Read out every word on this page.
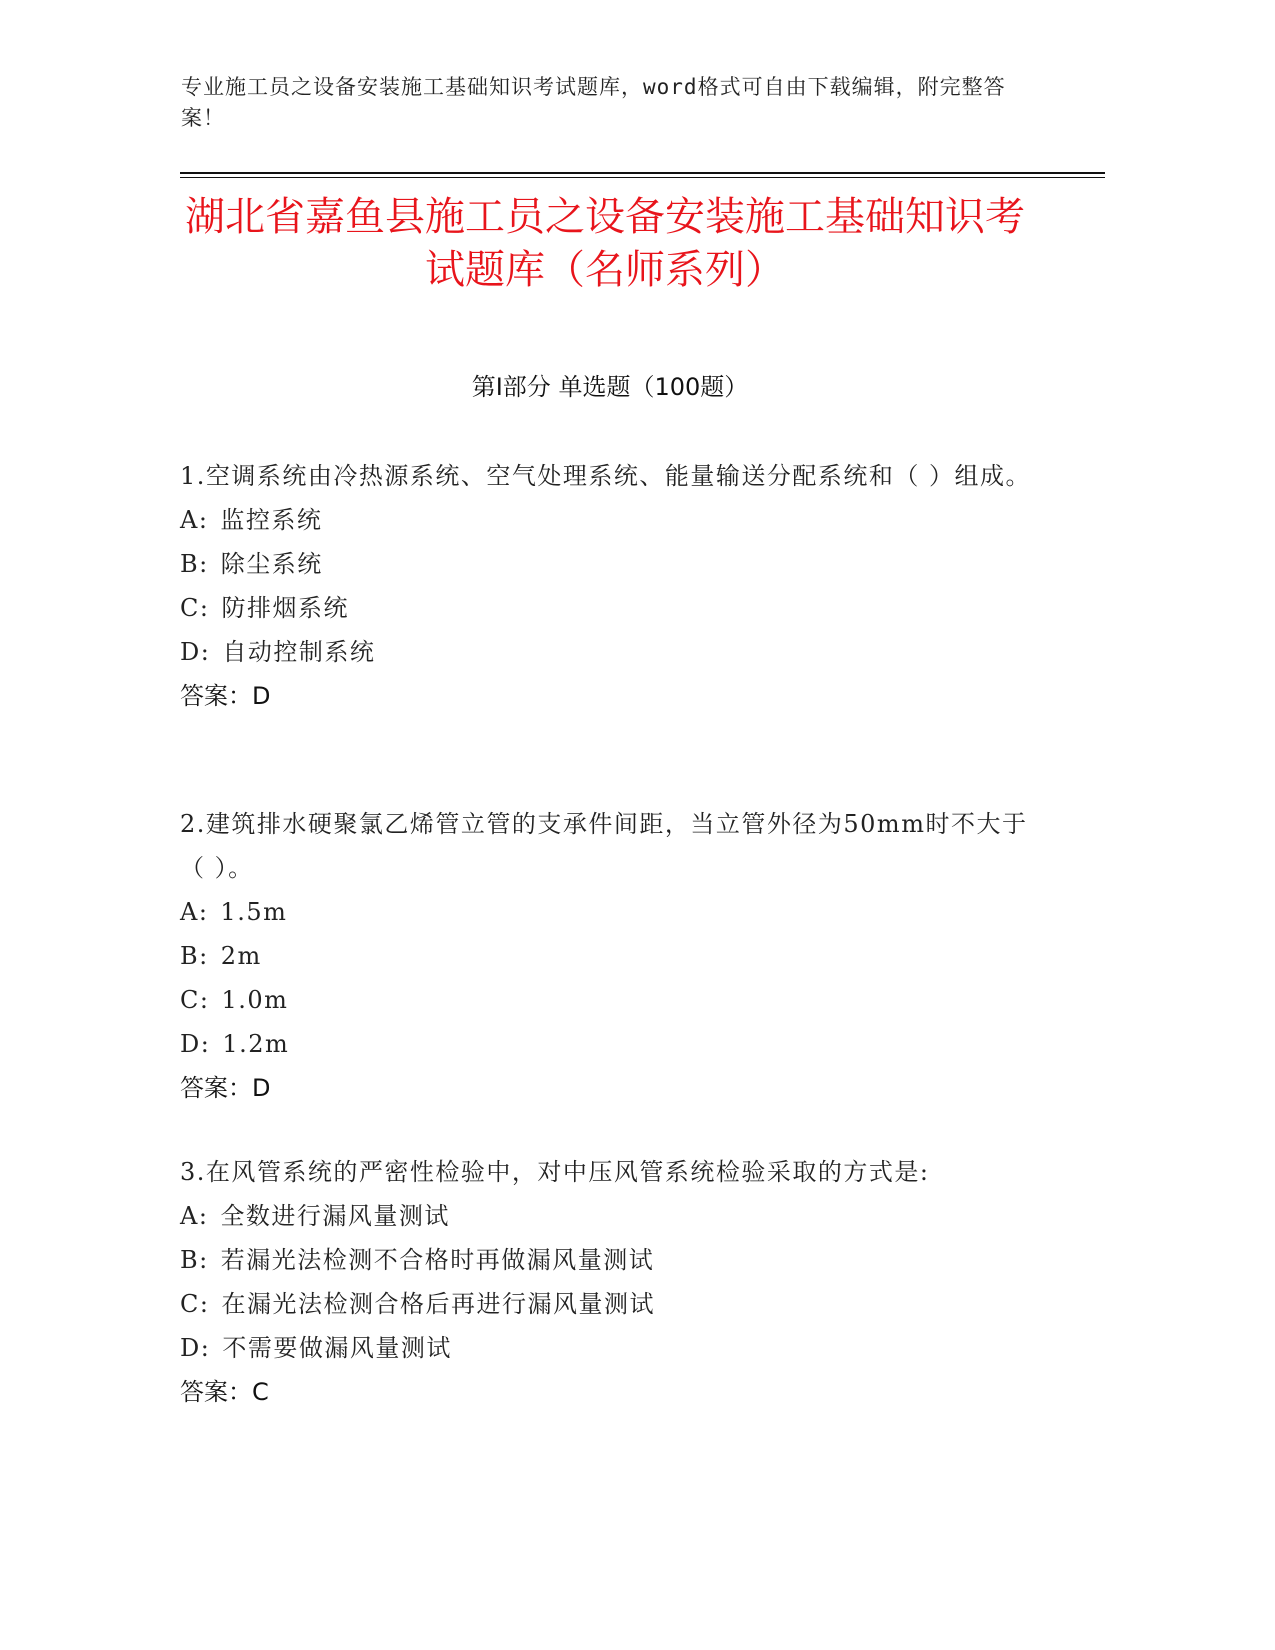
专业施工员之设备安装施工基础知识考试题库，word格式可自由下载编辑，附完整答案！
湖北省嘉鱼县施工员之设备安装施工基础知识考试题库（名师系列）
第Ⅰ部分 单选题（100题）
1.空调系统由冷热源系统、空气处理系统、能量输送分配系统和（ ）组成。
A: 监控系统
B: 除尘系统
C: 防排烟系统
D: 自动控制系统
答案：D
2.建筑排水硬聚氯乙烯管立管的支承件间距，当立管外径为50mm时不大于（ ）。
A: 1.5m
B: 2m
C: 1.0m
D: 1.2m
答案：D
3.在风管系统的严密性检验中，对中压风管系统检验采取的方式是:
A: 全数进行漏风量测试
B: 若漏光法检测不合格时再做漏风量测试
C: 在漏光法检测合格后再进行漏风量测试
D: 不需要做漏风量测试
答案：C
